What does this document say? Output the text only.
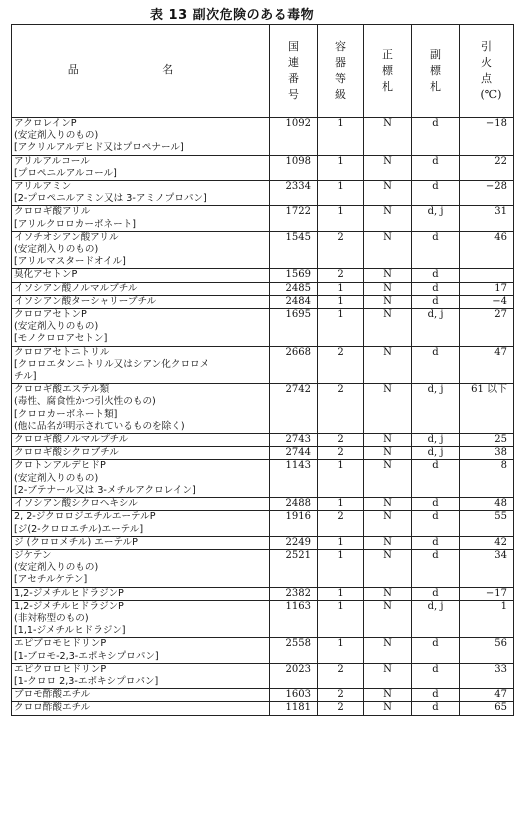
表 13 副次危険のある毒物
品 名	国連番号	容器等級	正標札	副標札	引火点(℃)

アクロレインP
(安定剤入りのもの)
[アクリルアルデヒド又はプロペナール]	1092	1	N	d	−18

アリルアルコール
[プロペニルアルコール]	1098	1	N	d	22

アリルアミン
[2-プロペニルアミン又は 3-アミノプロパン]	2334	1	N	d	−28

クロロギ酸アリル
[アリルクロロカーボネート]	1722	1	N	d, j	31

イソチオシアン酸アリル
(安定剤入りのもの)
[アリルマスタードオイル]	1545	2	N	d	46

臭化アセトンP	1569	2	N	d	

イソシアン酸ノルマルブチル	2485	1	N	d	17

イソシアン酸ターシャリーブチル	2484	1	N	d	−4

クロロアセトンP
(安定剤入りのもの)
[モノクロロアセトン]	1695	1	N	d, j	27

クロロアセトニトリル
[クロロエタンニトリル又はシアン化クロロメ
チル]	2668	2	N	d	47

クロロギ酸エステル類
(毒性、腐食性かつ引火性のもの)
[クロロカーボネート類]
(他に品名が明示されているものを除く)	2742	2	N	d, j	61 以下

クロロギ酸ノルマルプチル	2743	2	N	d, j	25

クロロギ酸シクロブチル	2744	2	N	d, j	38

クロトンアルデヒドP
(安定剤入りのもの)
[2-ブテナール又は 3-メチルアクロレイン]	1143	1	N	d	8

イソシアン酸シクロヘキシル	2488	1	N	d	48

2, 2-ジクロロジエチルエーテルP
[ジ(2-クロロエチル)エーテル]	1916	2	N	d	55

ジ (クロロメチル) エーテルP	2249	1	N	d	42

ジケテン
(安定剤入りのもの)
[アセチルケテン]	2521	1	N	d	34

1,2-ジメチルヒドラジンP	2382	1	N	d	−17

1,2-ジメチルヒドラジンP
(非対称型のもの)
[1,1-ジメチルヒドラジン]	1163	1	N	d, j	1

エピブロモヒドリンP
[1-ブロモ-2,3-エポキシプロパン]	2558	1	N	d	56

エピクロロヒドリンP
[1-クロロ 2,3-エポキシプロパン]	2023	2	N	d	33

ブロモ酢酸エチル	1603	2	N	d	47

クロロ酢酸エチル	1181	2	N	d	65
